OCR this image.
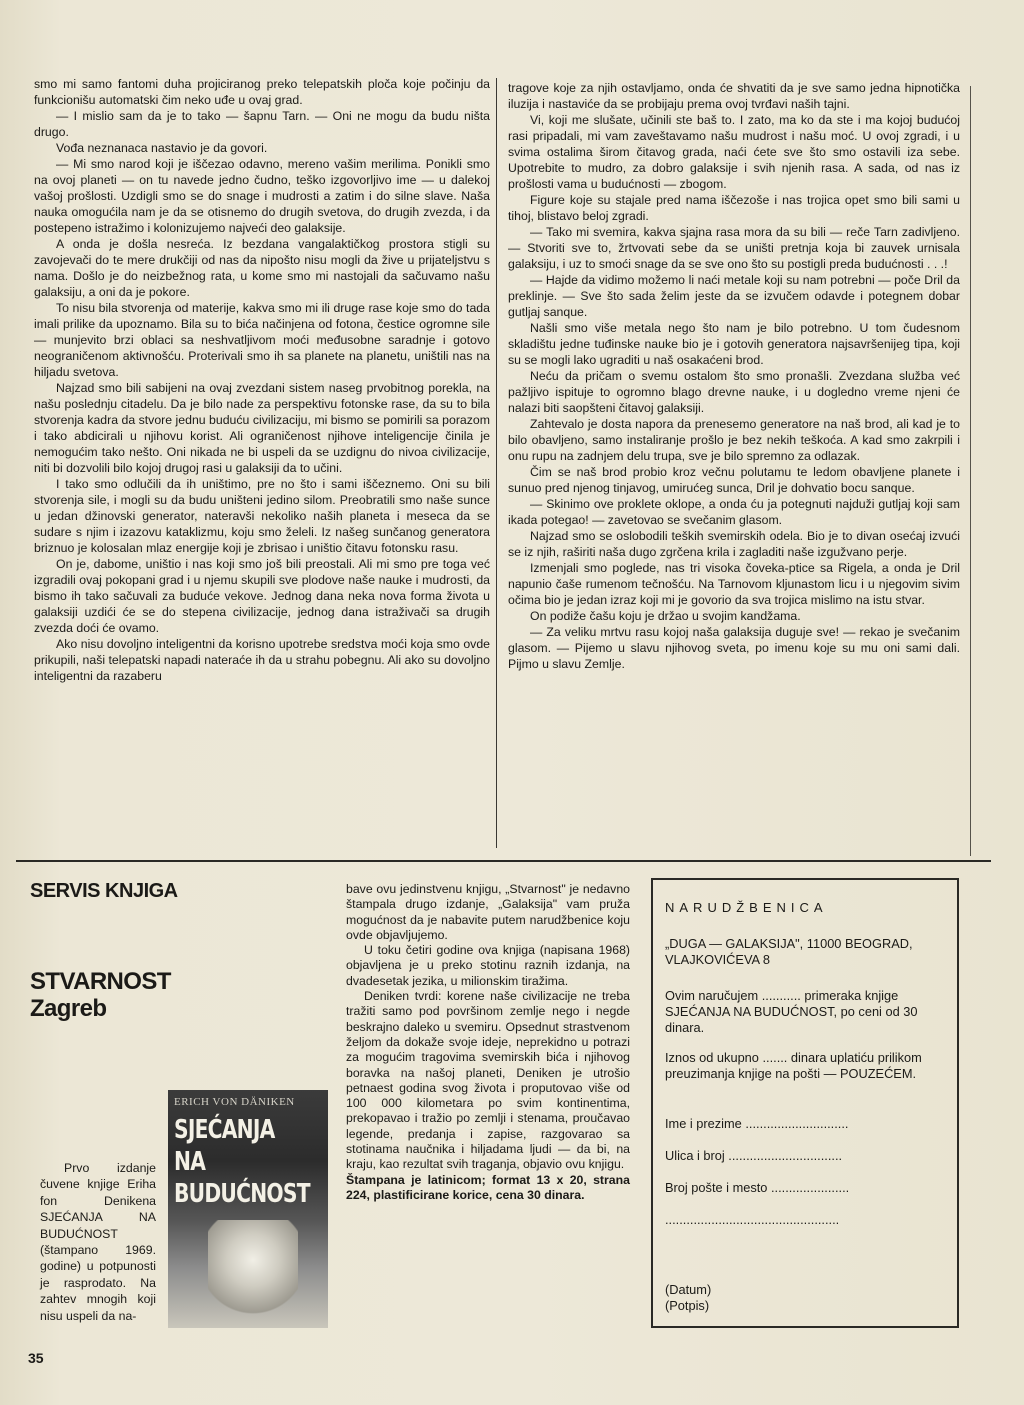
smo mi samo fantomi duha projiciranog preko telepatskih ploča koje počinju da funkcionišu automatski čim neko uđe u ovaj grad.

— I mislio sam da je to tako — šapnu Tarn. — Oni ne mogu da budu ništa drugo.

Vođa neznanaca nastavio je da govori.

— Mi smo narod koji je iščezao odavno, mereno vašim merilima. Ponikli smo na ovoj planeti — on tu navede jedno čudno, teško izgovorljivo ime — u dalekoj vašoj prošlosti. Uzdigli smo se do snage i mudrosti a zatim i do silne slave. Naša nauka omogućila nam je da se otisnemo do drugih svetova, do drugih zvezda, i da postepeno istražimo i kolonizujemo najveći deo galaksije.

A onda je došla nesreća. Iz bezdana vangalaktičkog prostora stigli su zavojevači do te mere drukčiji od nas da nipošto nisu mogli da žive u prijateljstvu s nama. Došlo je do neizbežnog rata, u kome smo mi nastojali da sačuvamo našu galaksiju, a oni da je pokore.

To nisu bila stvorenja od materije, kakva smo mi ili druge rase koje smo do tada imali prilike da upoznamo. Bila su to bića načinjena od fotona, čestice ogromne sile — munjevito brzi oblaci sa neshvatljivom moći međusobne saradnje i gotovo neograničenom aktivnošću. Proterivali smo ih sa planete na planetu, uništili nas na hiljadu svetova.

Najzad smo bili sabijeni na ovaj zvezdani sistem naseg prvobitnog porekla, na našu poslednju citadelu. Da je bilo nade za perspektivu fotonske rase, da su to bila stvorenja kadra da stvore jednu buduću civilizaciju, mi bismo se pomirili sa porazom i tako abdicirali u njihovu korist. Ali ograničenost njihove inteligencije činila je nemogućim tako nešto. Oni nikada ne bi uspeli da se uzdignu do nivoa civilizacije, niti bi dozvolili bilo kojoj drugoj rasi u galaksiji da to učini.

I tako smo odlučili da ih uništimo, pre no što i sami iščeznemo. Oni su bili stvorenja sile, i mogli su da budu uništeni jedino silom. Preobratili smo naše sunce u jedan džinovski generator, nateravši nekoliko naših planeta i meseca da se sudare s njim i izazovu kataklizmu, koju smo želeli. Iz našeg sunčanog generatora briznuo je kolosalan mlaz energije koji je zbrisao i uništio čitavu fotonsku rasu.

On je, dabome, uništio i nas koji smo još bili preostali. Ali mi smo pre toga već izgradili ovaj pokopani grad i u njemu skupili sve plodove naše nauke i mudrosti, da bismo ih tako sačuvali za buduće vekove. Jednog dana neka nova forma života u galaksiji uzdići će se do stepena civilizacije, jednog dana istraživači sa drugih zvezda doći će ovamo.

Ako nisu dovoljno inteligentni da korisno upotrebe sredstva moći koja smo ovde prikupili, naši telepatski napadi nateraće ih da u strahu pobegnu. Ali ako su dovoljno inteligentni da razaberu

tragove koje za njih ostavljamo, onda će shvatiti da je sve samo jedna hipnotička iluzija i nastaviće da se probijaju prema ovoj tvrđavi naših tajni.

Vi, koji me slušate, učinili ste baš to. I zato, ma ko da ste i ma kojoj budućoj rasi pripadali, mi vam zaveštavamo našu mudrost i našu moć. U ovoj zgradi, i u svima ostalima širom čitavog grada, naći ćete sve što smo ostavili iza sebe. Upotrebite to mudro, za dobro galaksije i svih njenih rasa. A sada, od nas iz prošlosti vama u budućnosti — zbogom.

Figure koje su stajale pred nama iščezoše i nas trojica opet smo bili sami u tihoj, blistavo beloj zgradi.

— Tako mi svemira, kakva sjajna rasa mora da su bili — reče Tarn zadivljeno. — Stvoriti sve to, žrtvovati sebe da se uništi pretnja koja bi zauvek urnisala galaksiju, i uz to smoći snage da se sve ono što su postigli preda budućnosti . . .!

— Hajde da vidimo možemo li naći metale koji su nam potrebni — poče Dril da preklinje. — Sve što sada želim jeste da se izvučem odavde i potegnem dobar gutljaj sanque.

Našli smo više metala nego što nam je bilo potrebno. U tom čudesnom skladištu jedne tuđinske nauke bio je i gotovih generatora najsavršenijeg tipa, koji su se mogli lako ugraditi u naš osakaćeni brod.

Neću da pričam o svemu ostalom što smo pronašli. Zvezdana služba već pažljivo ispituje to ogromno blago drevne nauke, i u dogledno vreme njeni će nalazi biti saopšteni čitavoj galaksiji.

Zahtevalo je dosta napora da prenesemo generatore na naš brod, ali kad je to bilo obavljeno, samo instaliranje prošlo je bez nekih teškoća. A kad smo zakrpili i onu rupu na zadnjem delu trupa, sve je bilo spremno za odlazak.

Čim se naš brod probio kroz večnu polutamu te ledom obavljene planete i sunuo pred njenog tinjavog, umirućeg sunca, Dril je dohvatio bocu sanque.

— Skinimo ove proklete oklope, a onda ću ja potegnuti najduži gutljaj koji sam ikada potegao! — zavetovao se svečanim glasom.

Najzad smo se oslobodili teških svemirskih odela. Bio je to divan osećaj izvući se iz njih, raširiti naša dugo zgrčena krila i zagladiti naše izgužvano perje.

Izmenjali smo poglede, nas tri visoka čoveka-ptice sa Rigela, a onda je Dril napunio čaše rumenom tečnošću. Na Tarnovom kljunastom licu i u njegovim sivim očima bio je jedan izraz koji mi je govorio da sva trojica mislimo na istu stvar.

On podiže čašu koju je držao u svojim kandžama.

— Za veliku mrtvu rasu kojoj naša galaksija duguje sve! — rekao je svečanim glasom. — Pijemo u slavu njihovog sveta, po imenu koje su mu oni sami dali. Pijmo u slavu Zemlje.

SERVIS KNJIGA
STVARNOST
Zagreb
ERICH VON DÄNIKEN
SJEĆANJA NA
BUDUĆNOST

Prvo izdanje čuvene knjige Eriha fon Denikena SJEĆANJA NA BUDUĆNOST (štampano 1969. godine) u potpunosti je rasprodato. Na zahtev mnogih koji nisu uspeli da na-

bave ovu jedinstvenu knjigu, „Stvarnost" je nedavno štampala drugo izdanje, „Galaksija" vam pruža mogućnost da je nabavite putem narudžbenice koju ovde objavljujemo.

U toku četiri godine ova knjiga (napisana 1968) objavljena je u preko stotinu raznih izdanja, na dvadesetak jezika, u milionskim tiražima.

Deniken tvrdi: korene naše civilizacije ne treba tražiti samo pod površinom zemlje nego i negde beskrajno daleko u svemiru. Opsednut strastvenom željom da dokaže svoje ideje, neprekidno u potrazi za mogućim tragovima svemirskih bića i njihovog boravka na našoj planeti, Deniken je utrošio petnaest godina svog života i proputovao više od 100 000 kilometara po svim kontinentima, prekopavao i tražio po zemlji i stenama, proučavao legende, predanja i zapise, razgovarao sa stotinama naučnika i hiljadama ljudi — da bi, na kraju, kao rezultat svih traganja, objavio ovu knjigu.

Štampana je latinicom; format 13 x 20, strana 224, plastificirane korice, cena 30 dinara.

NARUDŽBENICA
„DUGA — GALAKSIJA", 11000 BEOGRAD, VLAJKOVIĆEVA 8
Ovim naručujem ........... primeraka knjige SJEĆANJA NA BUDUĆNOST, po ceni od 30 dinara.
Iznos od ukupno ....... dinara uplatiću prilikom preuzimanja knjige na pošti — POUZEĆEM.
Ime i prezime .............................
Ulica i broj ................................
Broj pošte i mesto ......................
.................................................
(Datum)
(Potpis)
35
